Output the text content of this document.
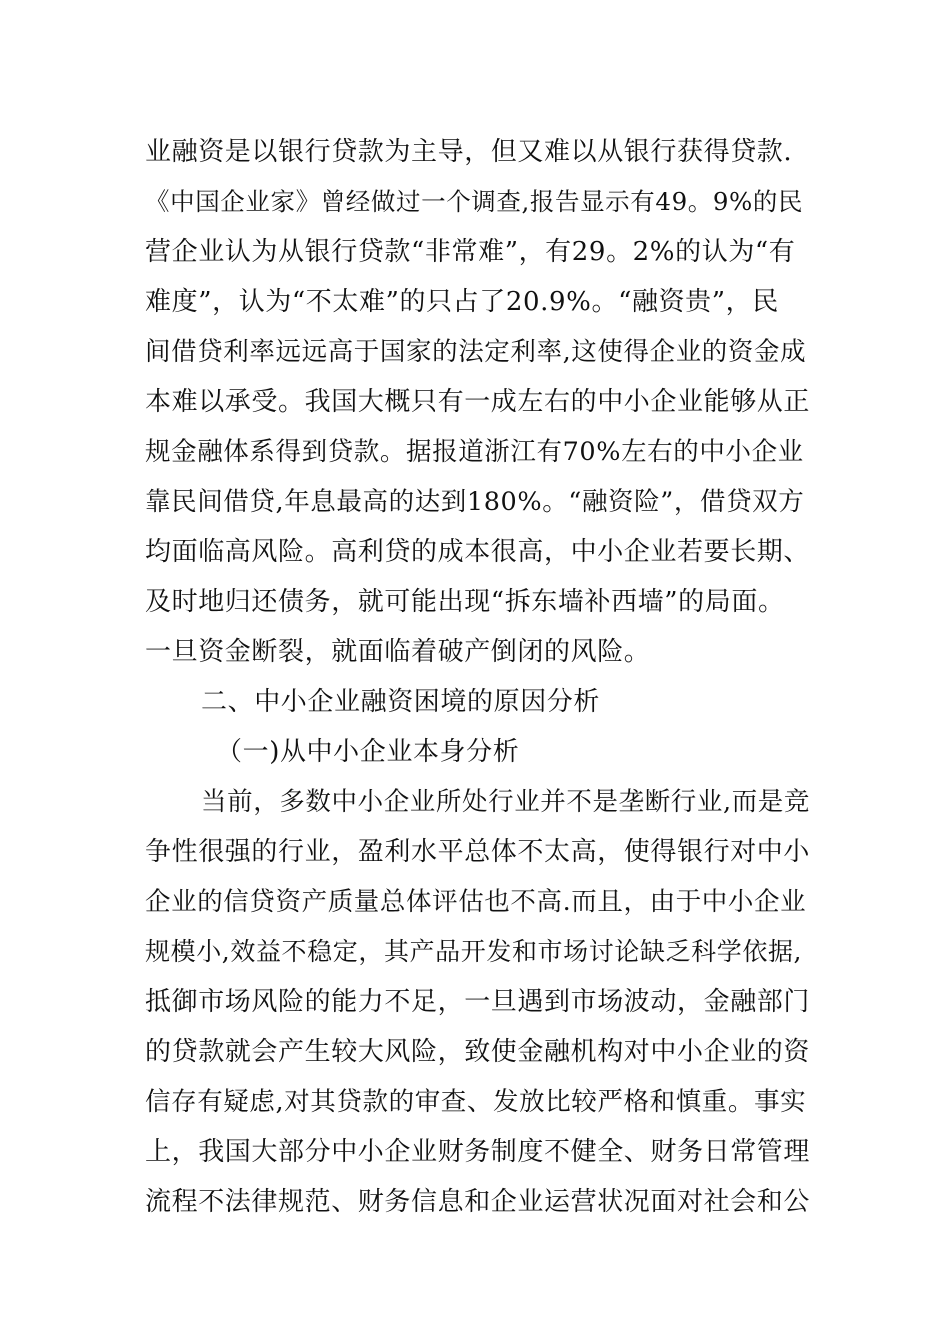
业融资是以银行贷款为主导，但又难以从银行获得贷款.
《中国企业家》曾经做过一个调查,报告显示有49。9%的民
营企业认为从银行贷款“非常难”，有29。2%的认为“有
难度”，认为“不太难”的只占了20.9%。“融资贵”，民
间借贷利率远远高于国家的法定利率,这使得企业的资金成
本难以承受。我国大概只有一成左右的中小企业能够从正
规金融体系得到贷款。据报道浙江有70%左右的中小企业
靠民间借贷,年息最高的达到180%。“融资险”，借贷双方
均面临高风险。高利贷的成本很高，中小企业若要长期、
及时地归还债务，就可能出现“拆东墙补西墙”的局面。
一旦资金断裂，就面临着破产倒闭的风险。
二、中小企业融资困境的原因分析
（一)从中小企业本身分析
当前，多数中小企业所处行业并不是垄断行业,而是竞
争性很强的行业，盈利水平总体不太高，使得银行对中小
企业的信贷资产质量总体评估也不高.而且，由于中小企业
规模小,效益不稳定，其产品开发和市场讨论缺乏科学依据,
抵御市场风险的能力不足，一旦遇到市场波动，金融部门
的贷款就会产生较大风险，致使金融机构对中小企业的资
信存有疑虑,对其贷款的审查、发放比较严格和慎重。事实
上，我国大部分中小企业财务制度不健全、财务日常管理
流程不法律规范、财务信息和企业运营状况面对社会和公
